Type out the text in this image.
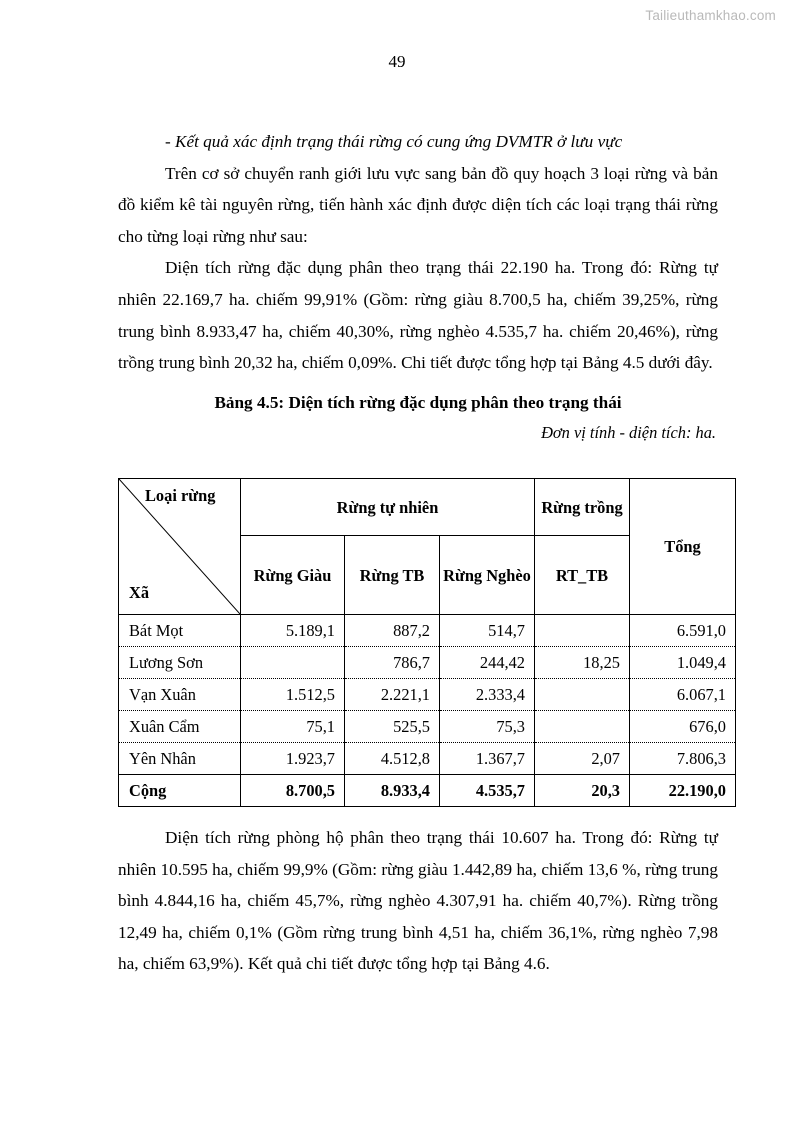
Tailieuthamkhao.com
49

- Kết quả xác định trạng thái rừng có cung ứng DVMTR ở lưu vực

Trên cơ sở chuyển ranh giới lưu vực sang bản đồ quy hoạch 3 loại rừng và bản đồ kiểm kê tài nguyên rừng, tiến hành xác định được diện tích các loại trạng thái rừng cho từng loại rừng như sau:

Diện tích rừng đặc dụng phân theo trạng thái 22.190 ha. Trong đó: Rừng tự nhiên 22.169,7 ha. chiếm 99,91% (Gồm: rừng giàu 8.700,5 ha, chiếm 39,25%, rừng trung bình 8.933,47 ha, chiếm 40,30%, rừng nghèo 4.535,7 ha. chiếm 20,46%), rừng trồng trung bình 20,32 ha, chiếm 0,09%. Chi tiết được tổng hợp tại Bảng 4.5 dưới đây.

Bảng 4.5: Diện tích rừng đặc dụng phân theo trạng thái

Đơn vị tính - diện tích: ha.

Loại rừng
Xã	Rừng tự nhiên			Rừng trồng	Tổng
	Rừng Giàu	Rừng TB	Rừng Nghèo	RT_TB	
Bát Mọt	5.189,1	887,2	514,7		6.591,0
Lương Sơn		786,7	244,42	18,25	1.049,4
Vạn Xuân	1.512,5	2.221,1	2.333,4		6.067,1
Xuân Cẩm	75,1	525,5	75,3		676,0
Yên Nhân	1.923,7	4.512,8	1.367,7	2,07	7.806,3
Cộng	8.700,5	8.933,4	4.535,7	20,3	22.190,0

Diện tích rừng phòng hộ phân theo trạng thái 10.607 ha. Trong đó: Rừng tự nhiên 10.595 ha, chiếm 99,9% (Gồm: rừng giàu 1.442,89 ha, chiếm 13,6 %, rừng trung bình 4.844,16 ha, chiếm 45,7%, rừng nghèo 4.307,91 ha. chiếm 40,7%). Rừng trồng 12,49 ha, chiếm 0,1% (Gồm rừng trung bình 4,51 ha, chiếm 36,1%, rừng nghèo 7,98 ha, chiếm 63,9%). Kết quả chi tiết được tổng hợp tại Bảng 4.6.
